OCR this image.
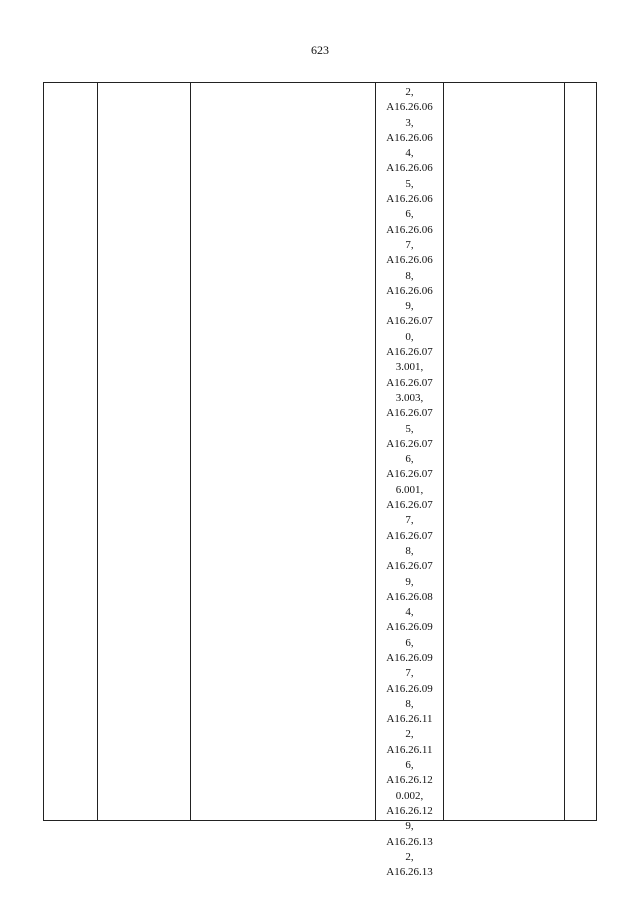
623
2,
A16.26.06
3,
A16.26.06
4,
A16.26.06
5,
A16.26.06
6,
A16.26.06
7,
A16.26.06
8,
A16.26.06
9,
A16.26.07
0,
A16.26.07
3.001,
A16.26.07
3.003,
A16.26.07
5,
A16.26.07
6,
A16.26.07
6.001,
A16.26.07
7,
A16.26.07
8,
A16.26.07
9,
A16.26.08
4,
A16.26.09
6,
A16.26.09
7,
A16.26.09
8,
A16.26.11
2,
A16.26.11
6,
A16.26.12
0.002,
A16.26.12
9,
A16.26.13
2,
A16.26.13
